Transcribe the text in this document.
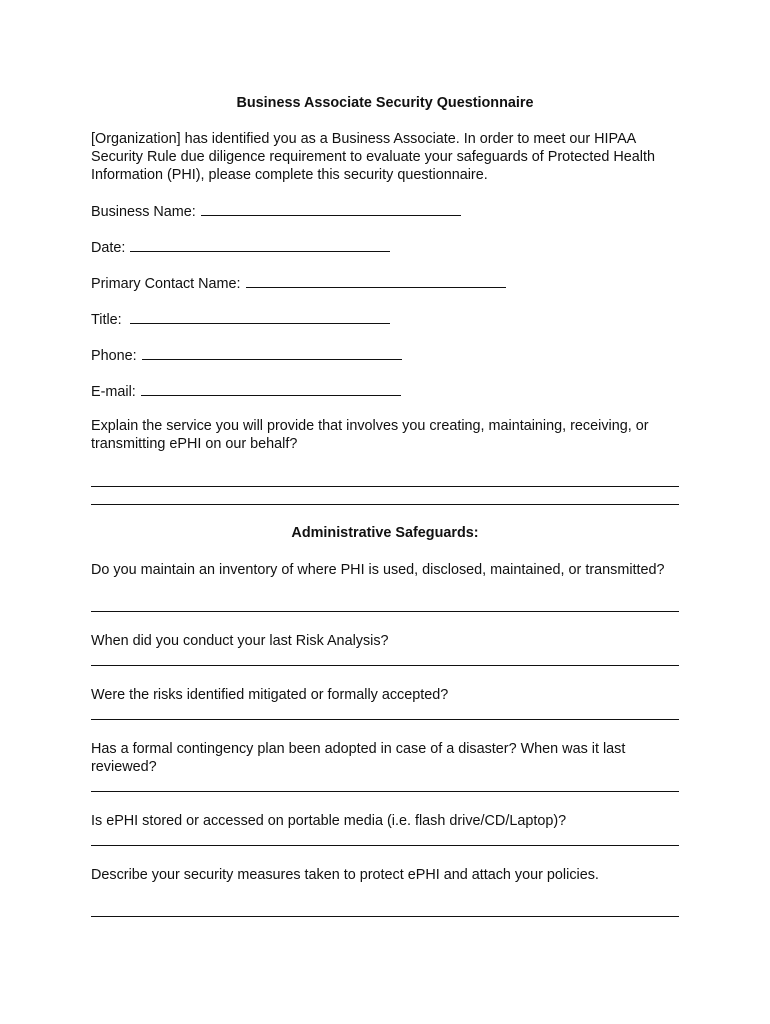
Business Associate Security Questionnaire
[Organization] has identified you as a Business Associate. In order to meet our HIPAA Security Rule due diligence requirement to evaluate your safeguards of Protected Health Information (PHI), please complete this security questionnaire.
Business Name:
Date:
Primary Contact Name:
Title:
Phone:
E-mail:
Explain the service you will provide that involves you creating, maintaining, receiving, or transmitting ePHI on our behalf?
Administrative Safeguards:
Do you maintain an inventory of where PHI is used, disclosed, maintained, or transmitted?
When did you conduct your last Risk Analysis?
Were the risks identified mitigated or formally accepted?
Has a formal contingency plan been adopted in case of a disaster? When was it last reviewed?
Is ePHI stored or accessed on portable media (i.e. flash drive/CD/Laptop)?
Describe your security measures taken to protect ePHI and attach your policies.
